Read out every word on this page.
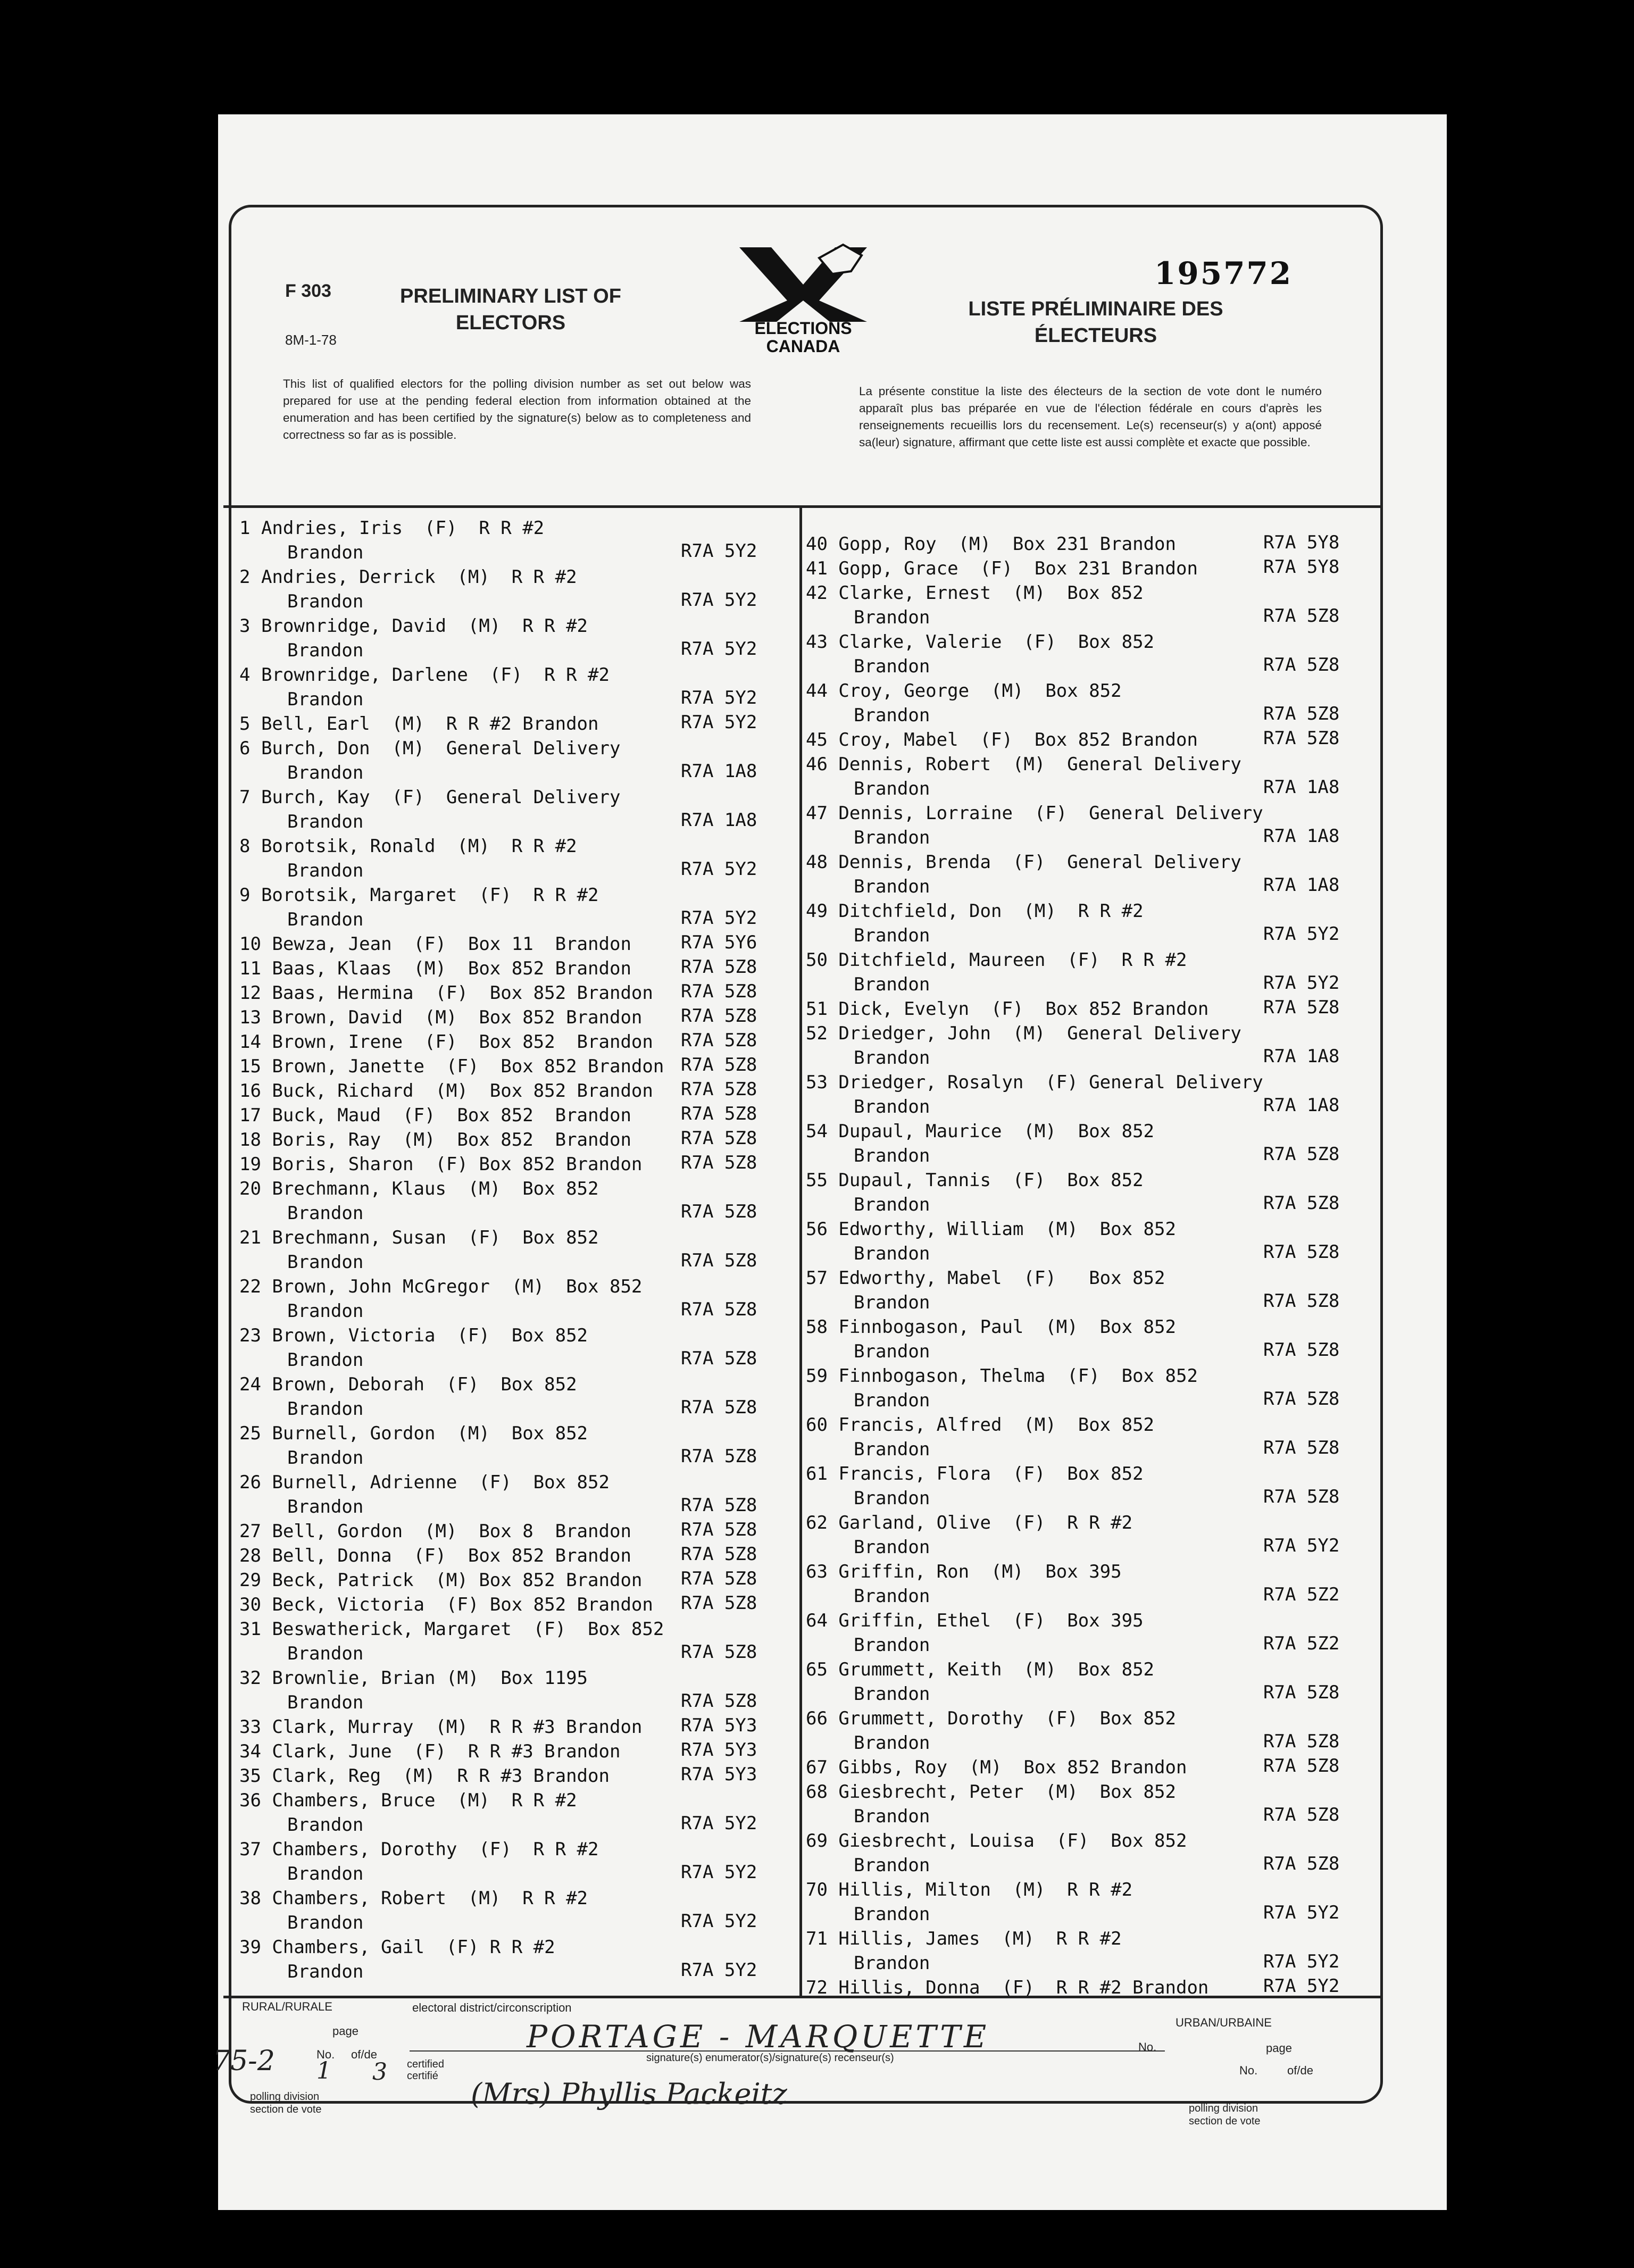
F 303
8M-1-78
PRELIMINARY LIST OF
ELECTORS
LISTE PRÉLIMINAIRE DES
ÉLECTEURS
ELECTIONS
CANADA
195772
This list of qualified electors for the polling division number as set out below was prepared for use at the pending federal election from information obtained at the enumeration and has been certified by the signature(s) below as to completeness and correctness so far as is possible.
La présente constitue la liste des électeurs de la section de vote dont le numéro apparaît plus bas préparée en vue de l'élection fédérale en cours d'après les renseignements recueillis lors du recensement. Le(s) recenseur(s) y a(ont) apposé sa(leur) signature, affirmant que cette liste est aussi complète et exacte que possible.
1 Andries, Iris  (F)  R R #2
Brandon	R7A 5Y2
2 Andries, Derrick  (M)  R R #2
Brandon	R7A 5Y2
3 Brownridge, David  (M)  R R #2
Brandon	R7A 5Y2
4 Brownridge, Darlene  (F)  R R #2
Brandon	R7A 5Y2
5 Bell, Earl  (M)  R R #2 Brandon	R7A 5Y2
6 Burch, Don  (M)  General Delivery
Brandon	R7A 1A8
7 Burch, Kay  (F)  General Delivery
Brandon	R7A 1A8
8 Borotsik, Ronald  (M)  R R #2
Brandon	R7A 5Y2
9 Borotsik, Margaret  (F)  R R #2
Brandon	R7A 5Y2
10 Bewza, Jean  (F)  Box 11  Brandon	R7A 5Y6
11 Baas, Klaas  (M)  Box 852 Brandon	R7A 5Z8
12 Baas, Hermina  (F)  Box 852 Brandon R7A 5Z8
13 Brown, David  (M)  Box 852 Brandon R7A 5Z8
14 Brown, Irene  (F)  Box 852  Brandon R7A 5Z8
15 Brown, Janette  (F)  Box 852 Brandon R7A 5Z8
16 Buck, Richard  (M)  Box 852 Brandon R7A 5Z8
17 Buck, Maud  (F)  Box 852  Brandon	R7A 5Z8
18 Boris, Ray  (M)  Box 852  Brandon	R7A 5Z8
19 Boris, Sharon  (F) Box 852 Brandon R7A 5Z8
20 Brechmann, Klaus  (M)  Box 852
Brandon	R7A 5Z8
21 Brechmann, Susan  (F)  Box 852
Brandon	R7A 5Z8
22 Brown, John McGregor  (M)  Box 852
Brandon	R7A 5Z8
23 Brown, Victoria  (F)  Box 852
Brandon	R7A 5Z8
24 Brown, Deborah  (F)  Box 852
Brandon	R7A 5Z8
25 Burnell, Gordon  (M)  Box 852
Brandon	R7A 5Z8
26 Burnell, Adrienne  (F)  Box 852
Brandon	R7A 5Z8
27 Bell, Gordon  (M)  Box 8  Brandon	R7A 5Z8
28 Bell, Donna  (F)  Box 852 Brandon	R7A 5Z8
29 Beck, Patrick  (M) Box 852 Brandon R7A 5Z8
30 Beck, Victoria  (F) Box 852 Brandon R7A 5Z8
31 Beswatherick, Margaret  (F)  Box 852
Brandon	R7A 5Z8
32 Brownlie, Brian (M)  Box 1195
Brandon	R7A 5Z8
33 Clark, Murray  (M)  R R #3 Brandon R7A 5Y3
34 Clark, June  (F)  R R #3 Brandon	R7A 5Y3
35 Clark, Reg  (M)  R R #3 Brandon	R7A 5Y3
36 Chambers, Bruce  (M)  R R #2
Brandon	R7A 5Y2
37 Chambers, Dorothy  (F)  R R #2
Brandon	R7A 5Y2
38 Chambers, Robert  (M)  R R #2
Brandon	R7A 5Y2
39 Chambers, Gail  (F) R R #2
Brandon	R7A 5Y2
40 Gopp, Roy  (M)  Box 231 Brandon	R7A 5Y8
41 Gopp, Grace  (F)  Box 231 Brandon	R7A 5Y8
42 Clarke, Ernest  (M)  Box 852
Brandon	R7A 5Z8
43 Clarke, Valerie  (F)  Box 852
Brandon	R7A 5Z8
44 Croy, George  (M)  Box 852
Brandon	R7A 5Z8
45 Croy, Mabel  (F)  Box 852 Brandon	R7A 5Z8
46 Dennis, Robert  (M)  General Delivery
Brandon	R7A 1A8
47 Dennis, Lorraine  (F)  General Delivery
Brandon	R7A 1A8
48 Dennis, Brenda  (F)  General Delivery
Brandon	R7A 1A8
49 Ditchfield, Don  (M)  R R #2
Brandon	R7A 5Y2
50 Ditchfield, Maureen  (F)  R R #2
Brandon	R7A 5Y2
51 Dick, Evelyn  (F)  Box 852 Brandon	R7A 5Z8
52 Driedger, John  (M)  General Delivery
Brandon	R7A 1A8
53 Driedger, Rosalyn  (F) General Delivery
Brandon	R7A 1A8
54 Dupaul, Maurice  (M)  Box 852
Brandon	R7A 5Z8
55 Dupaul, Tannis  (F)  Box 852
Brandon	R7A 5Z8
56 Edworthy, William  (M)  Box 852
Brandon	R7A 5Z8
57 Edworthy, Mabel  (F)   Box 852
Brandon	R7A 5Z8
58 Finnbogason, Paul  (M)  Box 852
Brandon	R7A 5Z8
59 Finnbogason, Thelma  (F)  Box 852
Brandon	R7A 5Z8
60 Francis, Alfred  (M)  Box 852
Brandon	R7A 5Z8
61 Francis, Flora  (F)  Box 852
Brandon	R7A 5Z8
62 Garland, Olive  (F)  R R #2
Brandon	R7A 5Y2
63 Griffin, Ron  (M)  Box 395
Brandon	R7A 5Z2
64 Griffin, Ethel  (F)  Box 395
Brandon	R7A 5Z2
65 Grummett, Keith  (M)  Box 852
Brandon	R7A 5Z8
66 Grummett, Dorothy  (F)  Box 852
Brandon	R7A 5Z8
67 Gibbs, Roy  (M)  Box 852 Brandon	R7A 5Z8
68 Giesbrecht, Peter  (M)  Box 852
Brandon	R7A 5Z8
69 Giesbrecht, Louisa  (F)  Box 852
Brandon	R7A 5Z8
70 Hillis, Milton  (M)  R R #2
Brandon	R7A 5Y2
71 Hillis, James  (M)  R R #2
Brandon	R7A 5Y2
72 Hillis, Donna  (F)  R R #2 Brandon	R7A 5Y2
RURAL/RURALE	electoral district/circonscription
page
No. of/de
75-2 1 3
polling division
section de vote
certified
certifié
PORTAGE - MARQUETTE
signature(s) enumerator(s)/signature(s) recenseur(s)
(Mrs) Phyllis Packeitz
URBAN/URBAINE
No.	page
No.	of/de
polling division
section de vote
